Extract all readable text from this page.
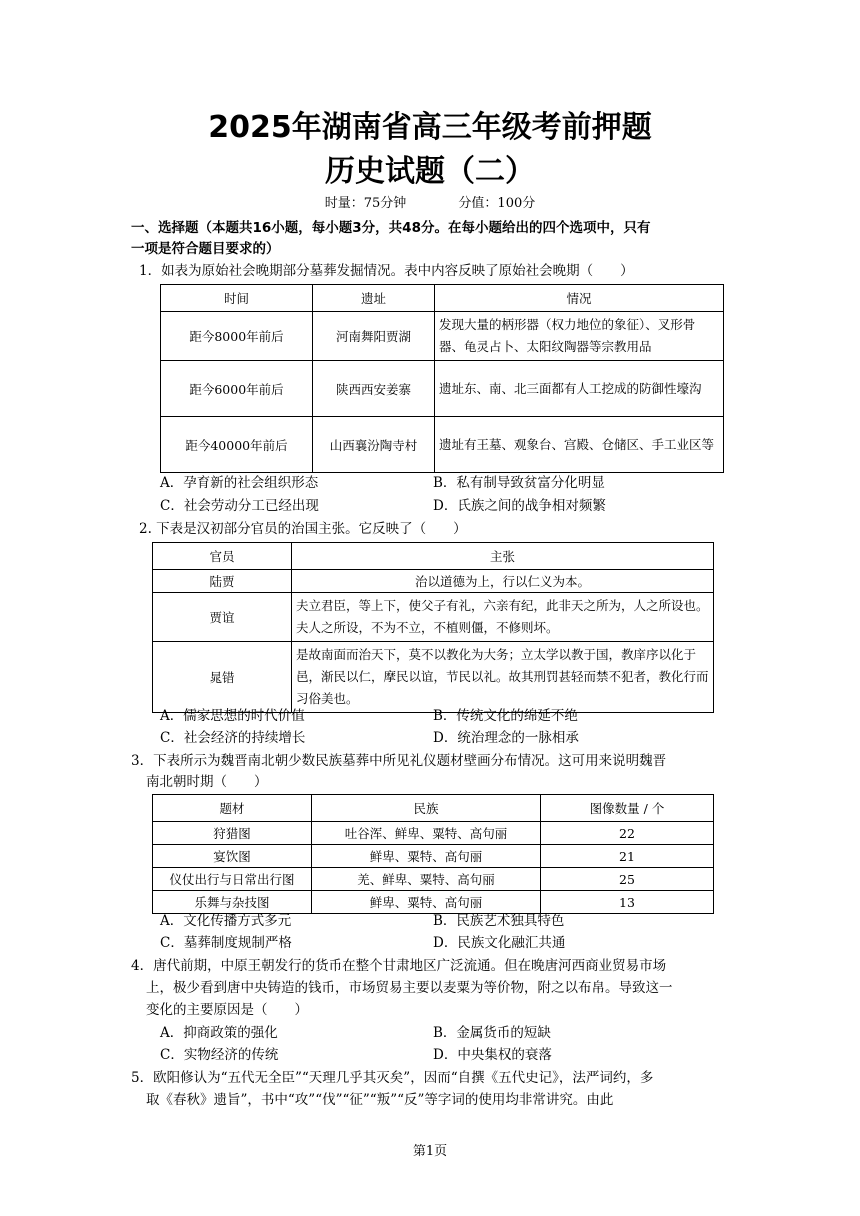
2025年湖南省高三年级考前押题
历史试题（二）
时量：75分钟	分值：100分
一、选择题（本题共16小题，每小题3分，共48分。在每小题给出的四个选项中，只有
一项是符合题目要求的）
1．如表为原始社会晚期部分墓葬发掘情况。表中内容反映了原始社会晚期（　　）
时间	遗址	情况
距今8000年前后	河南舞阳贾湖	发现大量的柄形器（权力地位的象征）、叉形骨器、龟灵占卜、太阳纹陶器等宗教用品
距今6000年前后	陕西西安姜寨	遗址东、南、北三面都有人工挖成的防御性壕沟
距今40000年前后	山西襄汾陶寺村	遗址有王墓、观象台、宫殿、仓储区、手工业区等
A．孕育新的社会组织形态	B．私有制导致贫富分化明显
C．社会劳动分工已经出现	D．氏族之间的战争相对频繁
2. 下表是汉初部分官员的治国主张。它反映了（　　）
官员	主张
陆贾	治以道德为上，行以仁义为本。
贾谊	夫立君臣，等上下，使父子有礼，六亲有纪，此非天之所为，人之所设也。夫人之所设，不为不立，不植则僵，不修则坏。
晁错	是故南面而治天下，莫不以教化为大务；立太学以教于国，教庠序以化于邑，渐民以仁，摩民以谊，节民以礼。故其刑罚甚轻而禁不犯者，教化行而习俗美也。
A．儒家思想的时代价值	B．传统文化的绵延不绝
C．社会经济的持续增长	D．统治理念的一脉相承
3．下表所示为魏晋南北朝少数民族墓葬中所见礼仪题材壁画分布情况。这可用来说明魏晋
南北朝时期（　　）
题材	民族	图像数量 / 个
狩猎图	吐谷浑、鲜卑、粟特、高句丽	22
宴饮图	鲜卑、粟特、高句丽	21
仪仗出行与日常出行图	羌、鲜卑、粟特、高句丽	25
乐舞与杂技图	鲜卑、粟特、高句丽	13
A．文化传播方式多元	B．民族艺术独具特色
C．墓葬制度规制严格	D．民族文化融汇共通
4．唐代前期，中原王朝发行的货币在整个甘肃地区广泛流通。但在晚唐河西商业贸易市场
上，极少看到唐中央铸造的钱币，市场贸易主要以麦粟为等价物，附之以布帛。导致这一
变化的主要原因是（　　）
A．抑商政策的强化	B．金属货币的短缺
C．实物经济的传统	D．中央集权的衰落
5．欧阳修认为“五代无全臣”“天理几乎其灭矣”，因而“自撰《五代史记》，法严词约，多
取《春秋》遗旨”，书中“攻”“伐”“征”“叛”“反”等字词的使用均非常讲究。由此
第1页
